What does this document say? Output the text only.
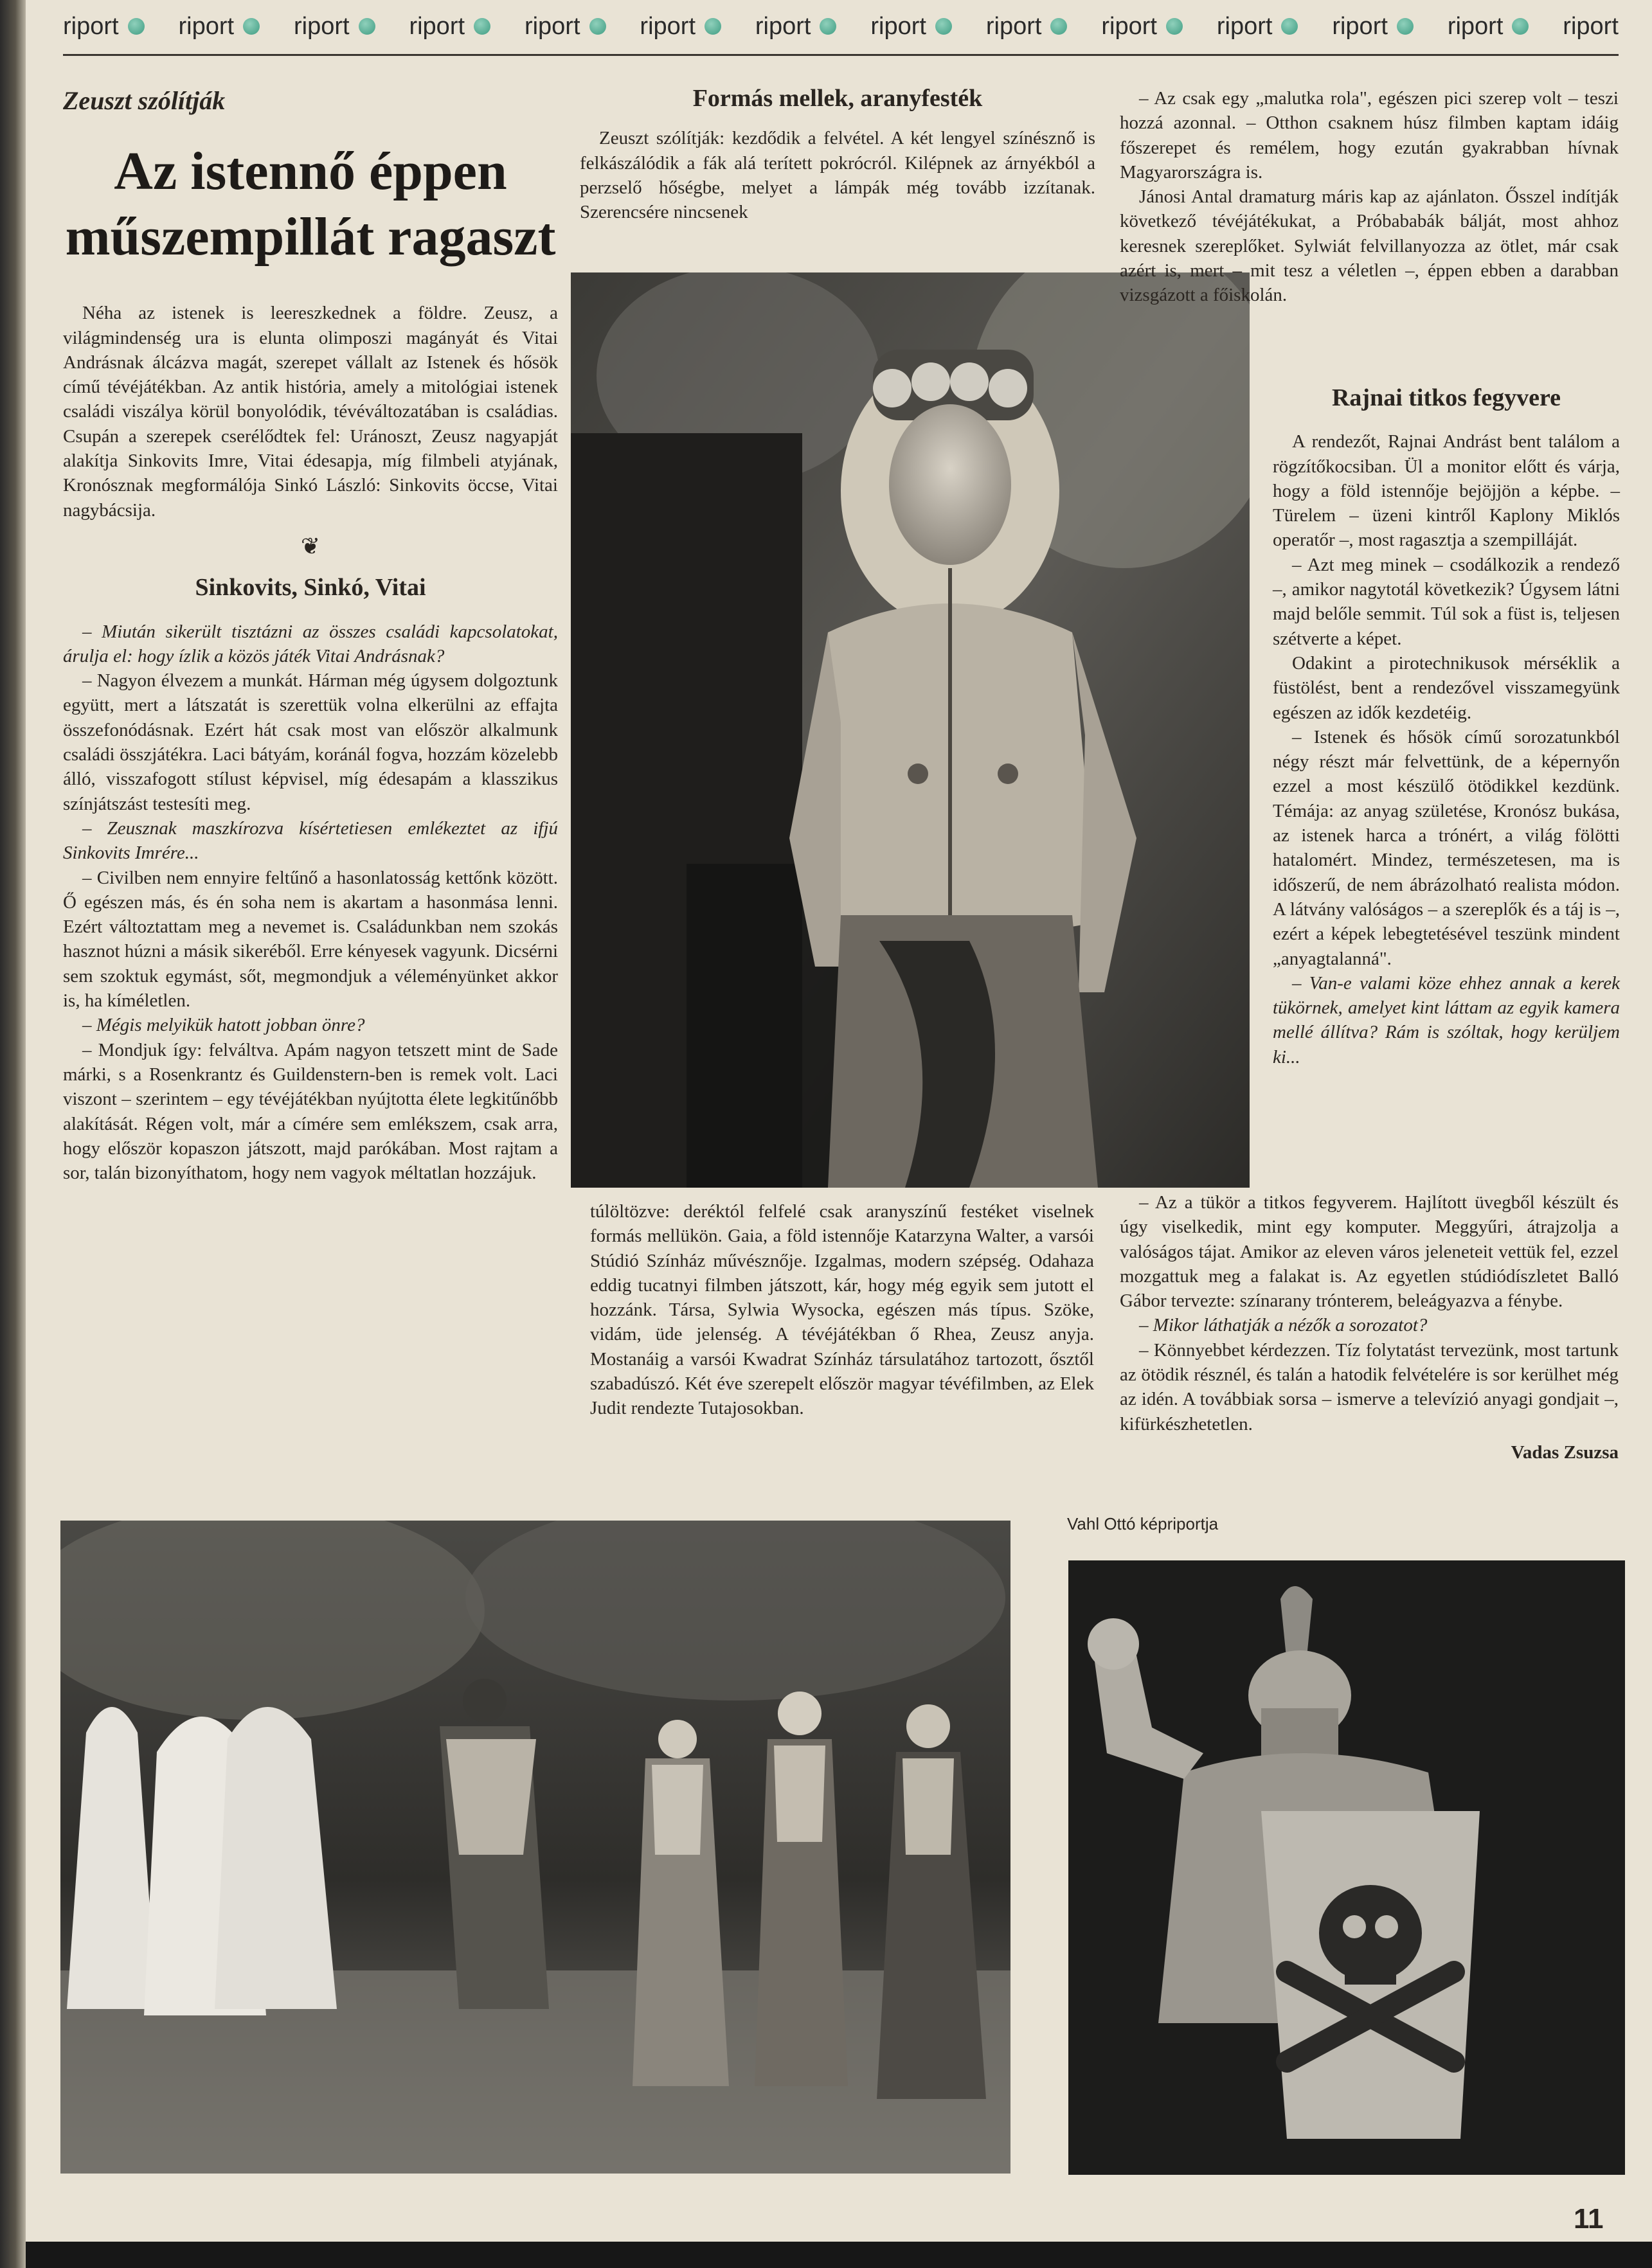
riport riport riport riport riport riport riport riport riport riport riport riport riport riport
Zeuszt szólítják
Az istennő éppen műszempillát ragaszt

Néha az istenek is leereszkednek a földre. Zeusz, a világmindenség ura is elunta olimposzi magányát és Vitai Andrásnak álcázva magát, szerepet vállalt az Istenek és hősök című tévéjátékban. Az antik história, amely a mitológiai istenek családi viszálya körül bonyolódik, tévéváltozatában is családias. Csupán a szerepek cserélődtek fel: Uránoszt, Zeusz nagyapját alakítja Sinkovits Imre, Vitai édesapja, míg filmbeli atyjának, Kronósznak megformálója Sinkó László: Sinkovits öccse, Vitai nagybácsija.

❦
Sinkovits, Sinkó, Vitai

– Miután sikerült tisztázni az összes családi kapcsolatokat, árulja el: hogy ízlik a közös játék Vitai Andrásnak?

– Nagyon élvezem a munkát. Hárman még úgysem dolgoztunk együtt, mert a látszatát is szerettük volna elkerülni az effajta összefonódásnak. Ezért hát csak most van először alkalmunk családi összjátékra. Laci bátyám, koránál fogva, hozzám közelebb álló, visszafogott stílust képvisel, míg édesapám a klasszikus színjátszást testesíti meg.

– Zeusznak maszkírozva kísértetiesen emlékeztet az ifjú Sinkovits Imrére...

– Civilben nem ennyire feltűnő a hasonlatosság kettőnk között. Ő egészen más, és én soha nem is akartam a hasonmása lenni. Ezért változtattam meg a nevemet is. Családunkban nem szokás hasznot húzni a másik sikeréből. Erre kényesek vagyunk. Dicsérni sem szoktuk egymást, sőt, megmondjuk a véleményünket akkor is, ha kíméletlen.

– Mégis melyikük hatott jobban önre?

– Mondjuk így: felváltva. Apám nagyon tetszett mint de Sade márki, s a Rosenkrantz és Guildenstern-ben is remek volt. Laci viszont – szerintem – egy tévéjátékban nyújtotta élete legkitűnőbb alakítását. Régen volt, már a címére sem emlékszem, csak arra, hogy először kopaszon játszott, majd parókában. Most rajtam a sor, talán bizonyíthatom, hogy nem vagyok méltatlan hozzájuk.

Formás mellek, aranyfesték

Zeuszt szólítják: kezdődik a felvétel. A két lengyel színésznő is felkászálódik a fák alá terített pokrócról. Kilépnek az árnyékból a perzselő hőségbe, melyet a lámpák még tovább izzítanak. Szerencsére nincsenek

túlöltözve: deréktól felfelé csak aranyszínű festéket viselnek formás mellükön. Gaia, a föld istennője Katarzyna Walter, a varsói Stúdió Színház művésznője. Izgalmas, modern szépség. Odahaza eddig tucatnyi filmben játszott, kár, hogy még egyik sem jutott el hozzánk. Társa, Sylwia Wysocka, egészen más típus. Szöke, vidám, üde jelenség. A tévéjátékban ő Rhea, Zeusz anyja. Mostanáig a varsói Kwadrat Színház társulatához tartozott, ősztől szabadúszó. Két éve szerepelt először magyar tévéfilmben, az Elek Judit rendezte Tutajosokban.

– Az csak egy „malutka rola", egészen pici szerep volt – teszi hozzá azonnal. – Otthon csaknem húsz filmben kaptam idáig főszerepet és remélem, hogy ezután gyakrabban hívnak Magyarországra is.

Jánosi Antal dramaturg máris kap az ajánlaton. Ősszel indítják következő tévéjátékukat, a Próbababák bálját, most ahhoz keresnek szereplőket. Sylwiát felvillanyozza az ötlet, már csak azért is, mert – mit tesz a véletlen –, éppen ebben a darabban vizsgázott a főiskolán.

Rajnai titkos fegyvere

A rendezőt, Rajnai Andrást bent találom a rögzítőkocsiban. Ül a monitor előtt és várja, hogy a föld istennője bejöjjön a képbe. – Türelem – üzeni kintről Kaplony Miklós operatőr –, most ragasztja a szempilláját.

– Azt meg minek – csodálkozik a rendező –, amikor nagytotál következik? Úgysem látni majd belőle semmit. Túl sok a füst is, teljesen szétverte a képet.

Odakint a pirotechnikusok mérséklik a füstölést, bent a rendezővel visszamegyünk egészen az idők kezdetéig.

– Istenek és hősök című sorozatunkból négy részt már felvettünk, de a képernyőn ezzel a most készülő ötödikkel kezdünk. Témája: az anyag születése, Kronósz bukása, az istenek harca a trónért, a világ fölötti hatalomért. Mindez, természetesen, ma is időszerű, de nem ábrázolható realista módon. A látvány valóságos – a szereplők és a táj is –, ezért a képek lebegtetésével teszünk mindent „anyagtalanná".

– Van-e valami köze ehhez annak a kerek tükörnek, amelyet kint láttam az egyik kamera mellé állítva? Rám is szóltak, hogy kerüljem ki...

– Az a tükör a titkos fegyverem. Hajlított üvegből készült és úgy viselkedik, mint egy komputer. Meggyűri, átrajzolja a valóságos tájat. Amikor az eleven város jeleneteit vettük fel, ezzel mozgattuk meg a falakat is. Az egyetlen stúdiódíszletet Balló Gábor tervezte: színarany trónterem, beleágyazva a fénybe.

– Mikor láthatják a nézők a sorozatot?

– Könnyebbet kérdezzen. Tíz folytatást tervezünk, most tartunk az ötödik résznél, és talán a hatodik felvételére is sor kerülhet még az idén. A továbbiak sorsa – ismerve a televízió anyagi gondjait –, kifürkészhetetlen.

Vadas Zsuzsa

Vahl Ottó képriportja
11
